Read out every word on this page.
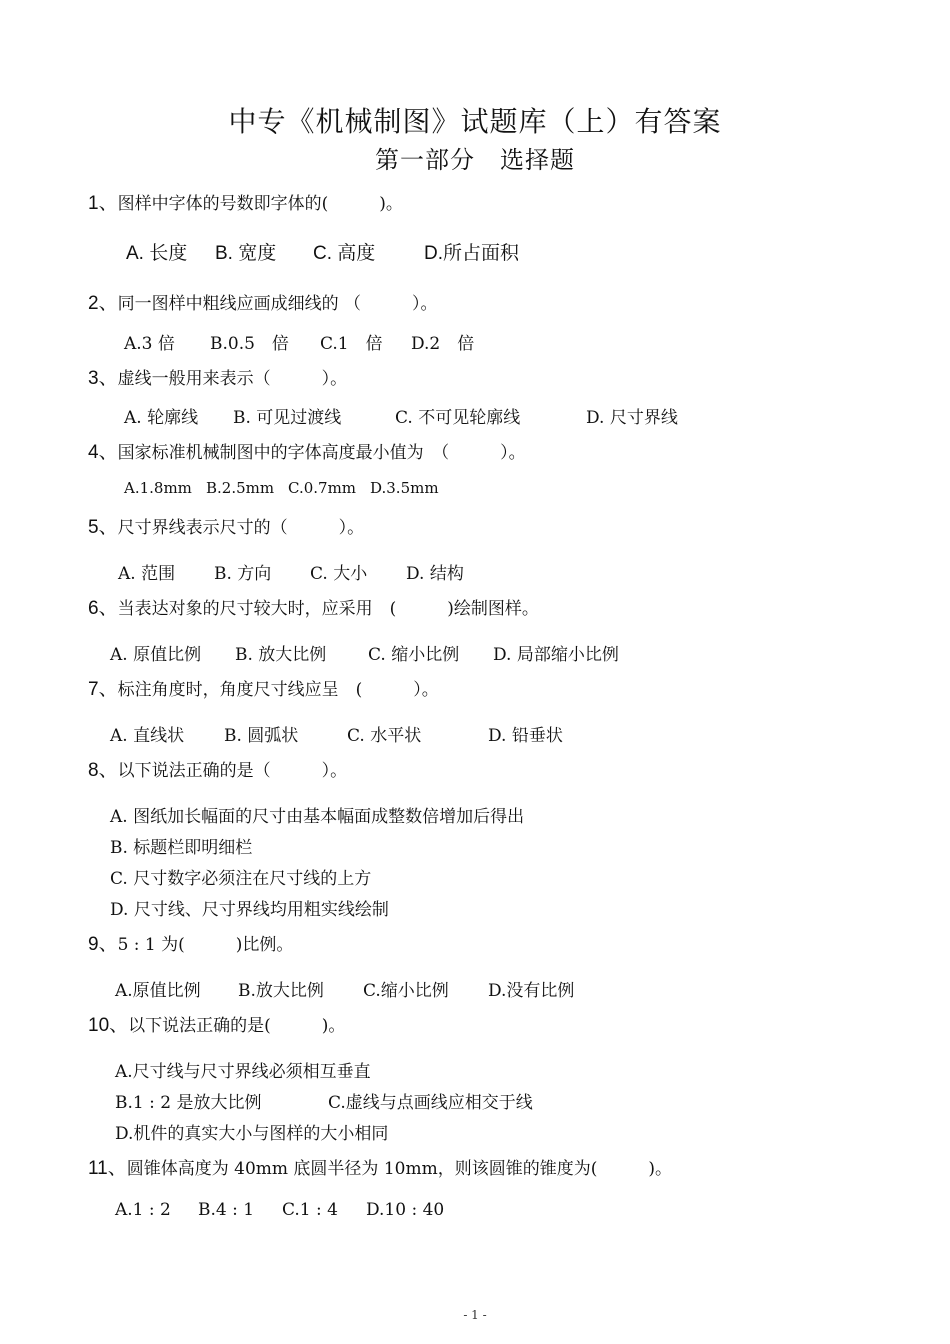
中专《机械制图》试题库（上）有答案
第一部分　选择题
1、图样中字体的号数即字体的(　　　)。
A. 长度 B. 宽度 C. 高度	D.所占面积
2、同一图样中粗线应画成细线的 （　　　）。
A.3 倍 B.0.5　倍 C.1　倍 D.2　倍
3、虚线一般用来表示（　　　）。
A. 轮廓线 B. 可见过渡线	C. 不可见轮廓线	D. 尺寸界线
4、国家标准机械制图中的字体高度最小值为　（　　　）。
A.1.8mm B.2.5mm C.0.7mm D.3.5mm
5、尺寸界线表示尺寸的（　　　）。
A. 范围 B. 方向 C. 大小 D. 结构
6、当表达对象的尺寸较大时，应采用　(　　　)绘制图样。
A. 原值比例 B. 放大比例 C. 缩小比例 D. 局部缩小比例
7、标注角度时，角度尺寸线应呈　(　　　）。
A. 直线状 B. 圆弧状	C. 水平状	D. 铅垂状
8、以下说法正确的是（　　　）。
A. 图纸加长幅面的尺寸由基本幅面成整数倍增加后得出
B. 标题栏即明细栏
C. 尺寸数字必须注在尺寸线的上方
D. 尺寸线、尺寸界线均用粗实线绘制
9、5 : 1 为(　　　)比例。
A.原值比例 B.放大比例 C.缩小比例 D.没有比例
10、以下说法正确的是(　　　)。
A.尺寸线与尺寸界线必须相互垂直
B.1 : 2 是放大比例	C.虚线与点画线应相交于线
D.机件的真实大小与图样的大小相同
11、圆锥体高度为 40mm 底圆半径为 10mm，则该圆锥的锥度为(　　　)。
A.1 : 2 B.4 : 1 C.1 : 4 D.10 : 40
- 1 -
